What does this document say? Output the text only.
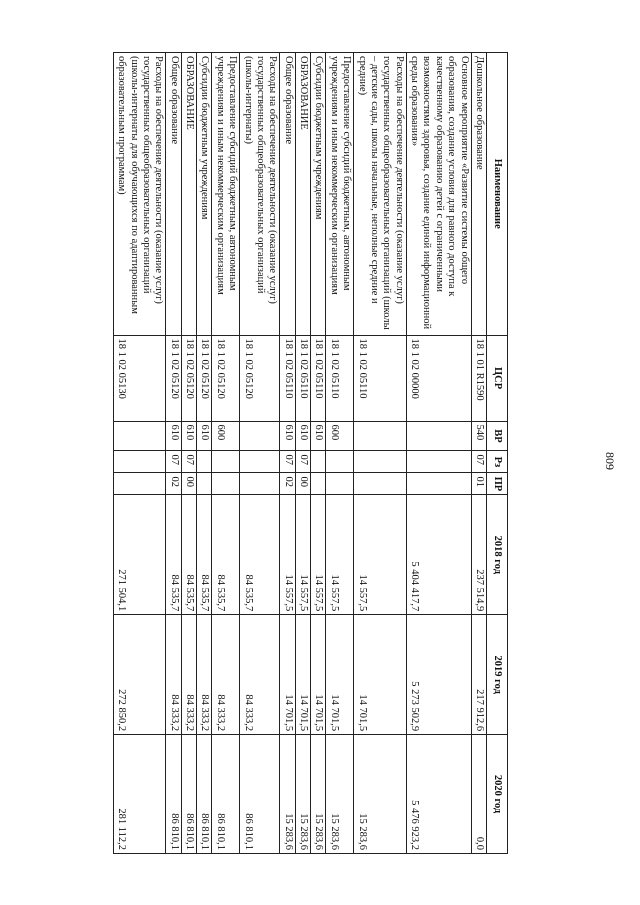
809
Наименование	ЦСР	ВР	Рз	ПР	2018 год	2019 год	2020 год
Дошкольное образование	18 1 01 R1590	540	07	01	237 514,9	217 912,6	0,0
Основное мероприятие «Развитие системы общего образования, создание условия для равного доступа к качественному образованию детей с ограниченными возможностями здоровья, создание единой информационной среды образования»	18 1 02 00000				5 404 417,7	5 273 502,9	5 476 923,2
Расходы на обеспечение деятельности (оказание услуг) государственных общеобразовательных организаций (школы – детские сады, школы начальные, неполные средние и средние)	18 1 02 05110				14 557,5	14 701,5	15 283,6
Предоставление субсидий бюджетным, автономным учреждениям и иным некоммерческим организациям	18 1 02 05110	600			14 557,5	14 701,5	15 283,6
Субсидии бюджетным учреждениям	18 1 02 05110	610			14 557,5	14 701,5	15 283,6
ОБРАЗОВАНИЕ	18 1 02 05110	610	07	00	14 557,5	14 701,5	15 283,6
Общее образование	18 1 02 05110	610	07	02	14 557,5	14 701,5	15 283,6
Расходы на обеспечение деятельности (оказание услуг) государственных общеобразовательных организаций (школы-интернаты)	18 1 02 05120				84 535,7	84 333,2	86 810,1
Предоставление субсидий бюджетным, автономным учреждениям и иным некоммерческим организациям	18 1 02 05120	600			84 535,7	84 333,2	86 810,1
Субсидии бюджетным учреждениям	18 1 02 05120	610			84 535,7	84 333,2	86 810,1
ОБРАЗОВАНИЕ	18 1 02 05120	610	07	00	84 535,7	84 333,2	86 810,1
Общее образование	18 1 02 05120	610	07	02	84 535,7	84 333,2	86 810,1
Расходы на обеспечение деятельности (оказание услуг) государственных общеобразовательных организаций (школы-интернаты для обучающихся по адаптированным образовательным программам)	18 1 02 05130				271 504,1	272 850,2	281 112,2
